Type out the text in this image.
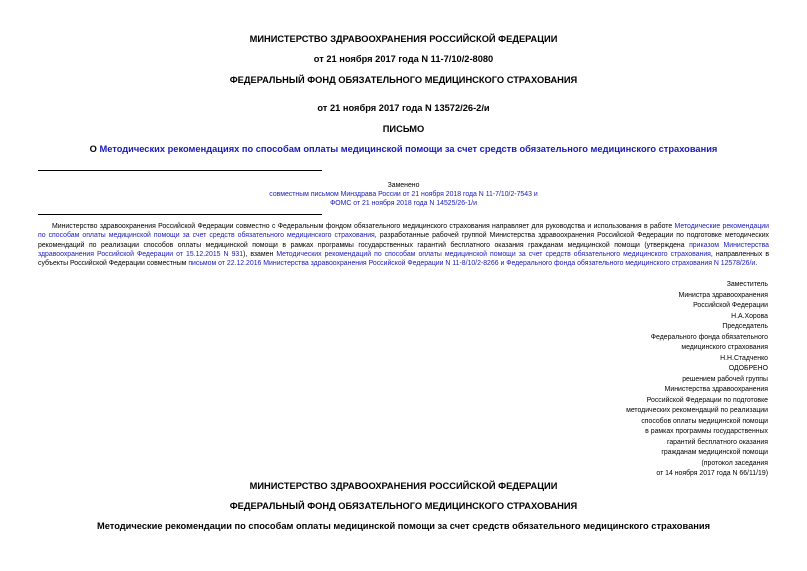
МИНИСТЕРСТВО ЗДРАВООХРАНЕНИЯ РОССИЙСКОЙ ФЕДЕРАЦИИ
от 21 ноября 2017 года N 11-7/10/2-8080
ФЕДЕРАЛЬНЫЙ ФОНД ОБЯЗАТЕЛЬНОГО МЕДИЦИНСКОГО СТРАХОВАНИЯ
от 21 ноября 2017 года N 13572/26-2/и
ПИСЬМО
О Методических рекомендациях по способам оплаты медицинской помощи за счет средств обязательного медицинского страхования
Заменено
совместным письмом Минздрава России от 21 ноября 2018 года N 11-7/10/2-7543 и
ФОМС от 21 ноября 2018 года N 14525/26-1/и
Министерство здравоохранения Российской Федерации совместно с Федеральным фондом обязательного медицинского страхования направляет для руководства и использования в работе Методические рекомендации по способам оплаты медицинской помощи за счет средств обязательного медицинского страхования, разработанные рабочей группой Министерства здравоохранения Российской Федерации по подготовке методических рекомендаций по реализации способов оплаты медицинской помощи в рамках программы государственных гарантий бесплатного оказания гражданам медицинской помощи (утверждена приказом Министерства здравоохранения Российской Федерации от 15.12.2015 N 931), взамен Методических рекомендаций по способам оплаты медицинской помощи за счет средств обязательного медицинского страхования, направленных в субъекты Российской Федерации совместным письмом от 22.12.2016 Министерства здравоохранения Российской Федерации N 11-8/10/2-8266 и Федерального фонда обязательного медицинского страхования N 12578/26/и.
Заместитель
Министра здравоохранения
Российской Федерации
Н.А.Хорова
Председатель
Федерального фонда обязательного
медицинского страхования
Н.Н.Стадченко
ОДОБРЕНО
решением рабочей группы
Министерства здравоохранения
Российской Федерации по подготовке
методических рекомендаций по реализации
способов оплаты медицинской помощи
в рамках программы государственных
гарантий бесплатного оказания
гражданам медицинской помощи
(протокол заседания
от 14 ноября 2017 года N 66/11/19)
МИНИСТЕРСТВО ЗДРАВООХРАНЕНИЯ РОССИЙСКОЙ ФЕДЕРАЦИИ
ФЕДЕРАЛЬНЫЙ ФОНД ОБЯЗАТЕЛЬНОГО МЕДИЦИНСКОГО СТРАХОВАНИЯ
Методические рекомендации по способам оплаты медицинской помощи за счет средств обязательного медицинского страхования
